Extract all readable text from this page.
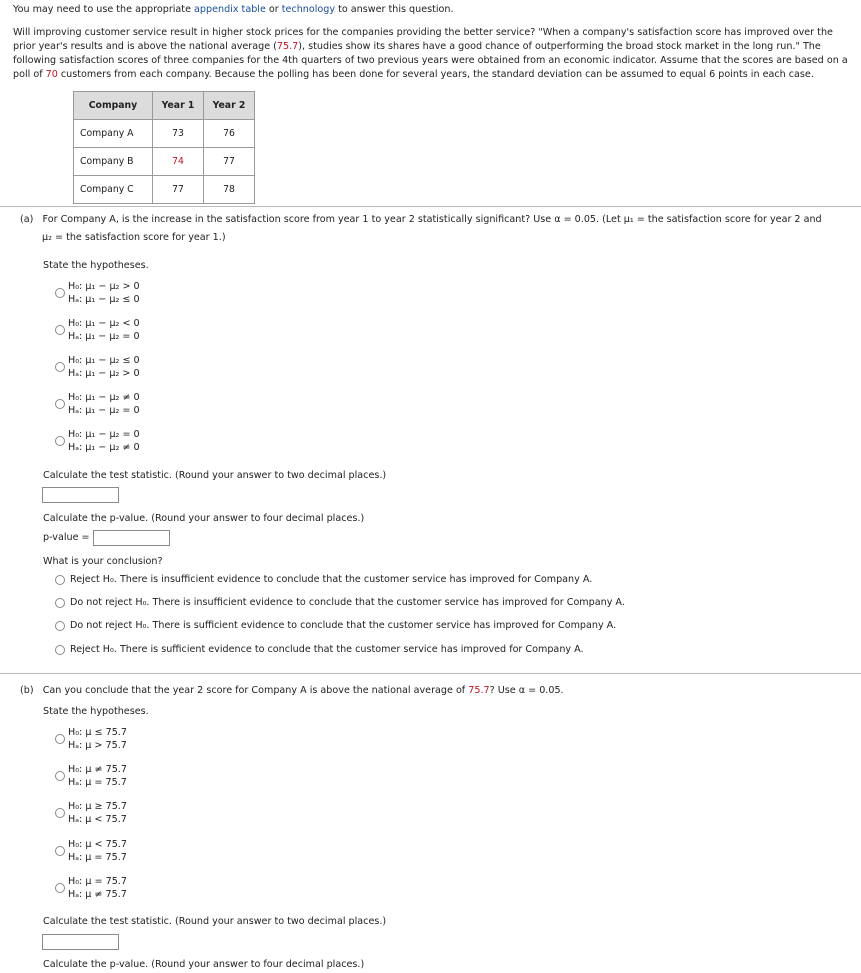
You may need to use the appropriate appendix table or technology to answer this question.
Will improving customer service result in higher stock prices for the companies providing the better service? "When a company's satisfaction score has improved over the prior year's results and is above the national average (75.7), studies show its shares have a good chance of outperforming the broad stock market in the long run." The following satisfaction scores of three companies for the 4th quarters of two previous years were obtained from an economic indicator. Assume that the scores are based on a poll of 70 customers from each company. Because the polling has been done for several years, the standard deviation can be assumed to equal 6 points in each case.
Company	Year 1	Year 2
Company A	73	76
Company B	74	77
Company C	77	78
(a) For Company A, is the increase in the satisfaction score from year 1 to year 2 statistically significant? Use α = 0.05. (Let μ₁ = the satisfaction score for year 2 and
μ₂ = the satisfaction score for year 1.)
State the hypotheses.
H₀: μ₁ − μ₂ > 0
Hₐ: μ₁ − μ₂ ≤ 0
H₀: μ₁ − μ₂ < 0
Hₐ: μ₁ − μ₂ = 0
H₀: μ₁ − μ₂ ≤ 0
Hₐ: μ₁ − μ₂ > 0
H₀: μ₁ − μ₂ ≠ 0
Hₐ: μ₁ − μ₂ = 0
H₀: μ₁ − μ₂ = 0
Hₐ: μ₁ − μ₂ ≠ 0
Calculate the test statistic. (Round your answer to two decimal places.)
Calculate the p-value. (Round your answer to four decimal places.)
p-value =
What is your conclusion?
Reject H₀. There is insufficient evidence to conclude that the customer service has improved for Company A.
Do not reject H₀. There is insufficient evidence to conclude that the customer service has improved for Company A.
Do not reject H₀. There is sufficient evidence to conclude that the customer service has improved for Company A.
Reject H₀. There is sufficient evidence to conclude that the customer service has improved for Company A.
(b) Can you conclude that the year 2 score for Company A is above the national average of 75.7? Use α = 0.05.
State the hypotheses.
H₀: μ ≤ 75.7
Hₐ: μ > 75.7
H₀: μ ≠ 75.7
Hₐ: μ = 75.7
H₀: μ ≥ 75.7
Hₐ: μ < 75.7
H₀: μ < 75.7
Hₐ: μ = 75.7
H₀: μ = 75.7
Hₐ: μ ≠ 75.7
Calculate the test statistic. (Round your answer to two decimal places.)
Calculate the p-value. (Round your answer to four decimal places.)
